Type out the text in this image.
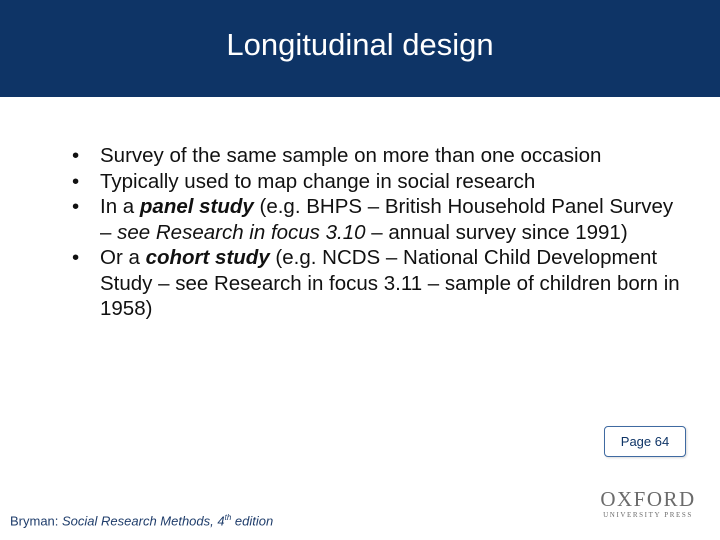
Longitudinal design
•	Survey of the same sample on more than one occasion
•	Typically used to map change in social research
•	In a panel study (e.g. BHPS – British Household Panel Survey – see Research in focus 3.10 – annual survey since 1991)
•	Or a cohort study (e.g. NCDS – National Child Development Study – see Research in focus 3.11 – sample of children born in 1958)
Page 64
Bryman: Social Research Methods, 4th edition
OXFORD
UNIVERSITY PRESS
